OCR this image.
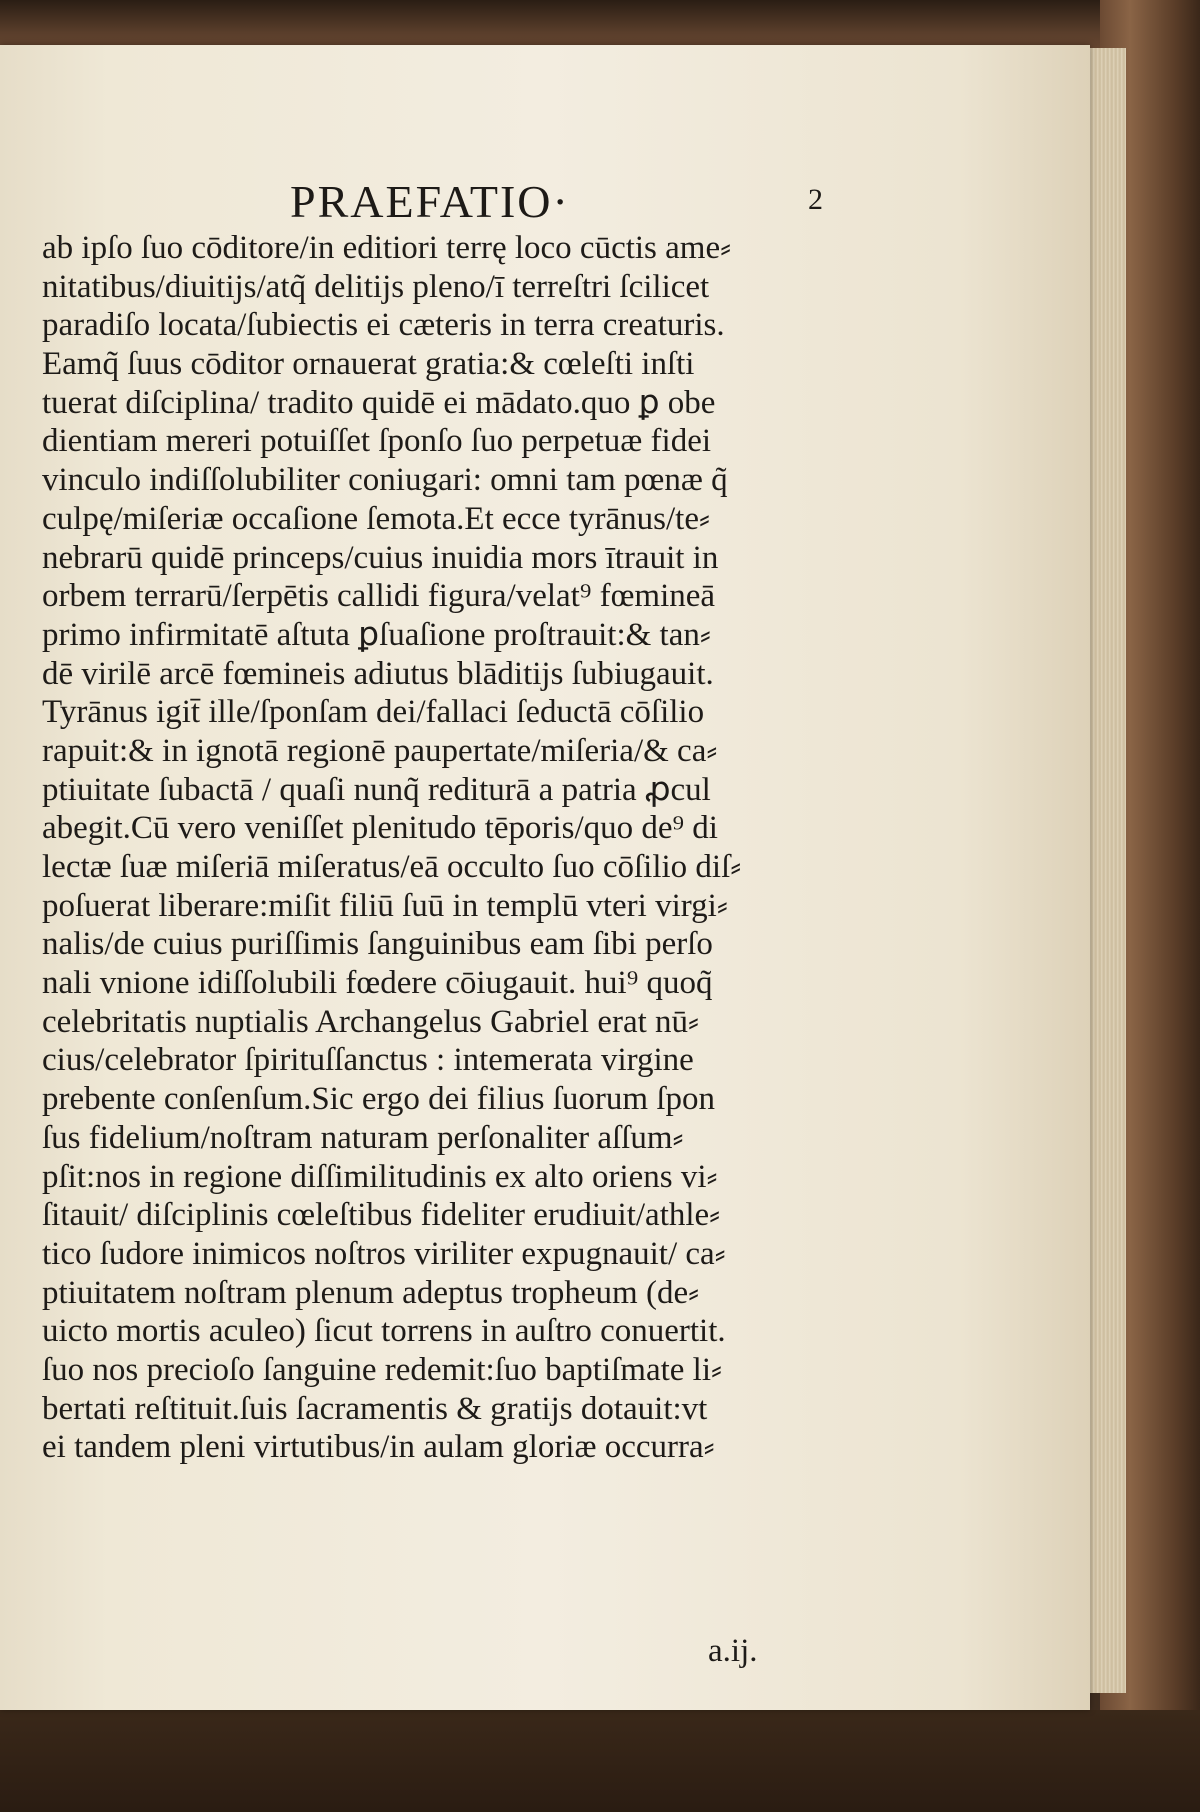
PRAEFATIO·	2
ab ipſo ſuo cōditore/in editiori terrę loco cūctis ame⸗
nitatibus/diuitijs/atq̃ delitijs pleno/ī terreſtri ſcilicet
paradiſo locata/ſubiectis ei cæteris in terra creaturis.
Eamq̃ ſuus cōditor ornauerat gratia:& cœleſti inſti
tuerat diſciplina/ tradito quidē ei mādato.quo ꝑ obe
dientiam mereri potuiſſet ſponſo ſuo perpetuæ fidei
vinculo indiſſolubiliter coniugari: omni tam pœnæ q̃
culpę/miſeriæ occaſione ſemota.Et ecce tyrānus/te⸗
nebrarū quidē princeps/cuius inuidia mors ītrauit in
orbem terrarū/ſerpētis callidi figura/velat⁹ fœmineā
primo infirmitatē aſtuta ꝑſuaſione proſtrauit:& tan⸗
dē virilē arcē fœmineis adiutus blāditijs ſubiugauit.
Tyrānus igit̄ ille/ſponſam dei/fallaci ſeductā cōſilio
rapuit:& in ignotā regionē paupertate/miſeria/& ca⸗
ptiuitate ſubactā / quaſi nunq̃ rediturā a patria ꝓcul
abegit.Cū vero veniſſet plenitudo tēporis/quo de⁹ di
lectæ ſuæ miſeriā miſeratus/eā occulto ſuo cōſilio diſ⸗
poſuerat liberare:miſit filiū ſuū in templū vteri virgi⸗
nalis/de cuius puriſſimis ſanguinibus eam ſibi perſo
nali vnione idiſſolubili fœdere cōiugauit. hui⁹ quoq̃
celebritatis nuptialis Archangelus Gabriel erat nū⸗
cius/celebrator ſpirituſſanctus : intemerata virgine
prebente conſenſum.Sic ergo dei filius ſuorum ſpon
ſus fidelium/noſtram naturam perſonaliter aſſum⸗
pſit:nos in regione diſſimilitudinis ex alto oriens vi⸗
ſitauit/ diſciplinis cœleſtibus fideliter erudiuit/athle⸗
tico ſudore inimicos noſtros viriliter expugnauit/ ca⸗
ptiuitatem noſtram plenum adeptus tropheum (de⸗
uicto mortis aculeo) ſicut torrens in auſtro conuertit.
ſuo nos precioſo ſanguine redemit:ſuo baptiſmate li⸗
bertati reſtituit.ſuis ſacramentis & gratijs dotauit:vt
ei tandem pleni virtutibus/in aulam gloriæ occurra⸗
a.ij.
